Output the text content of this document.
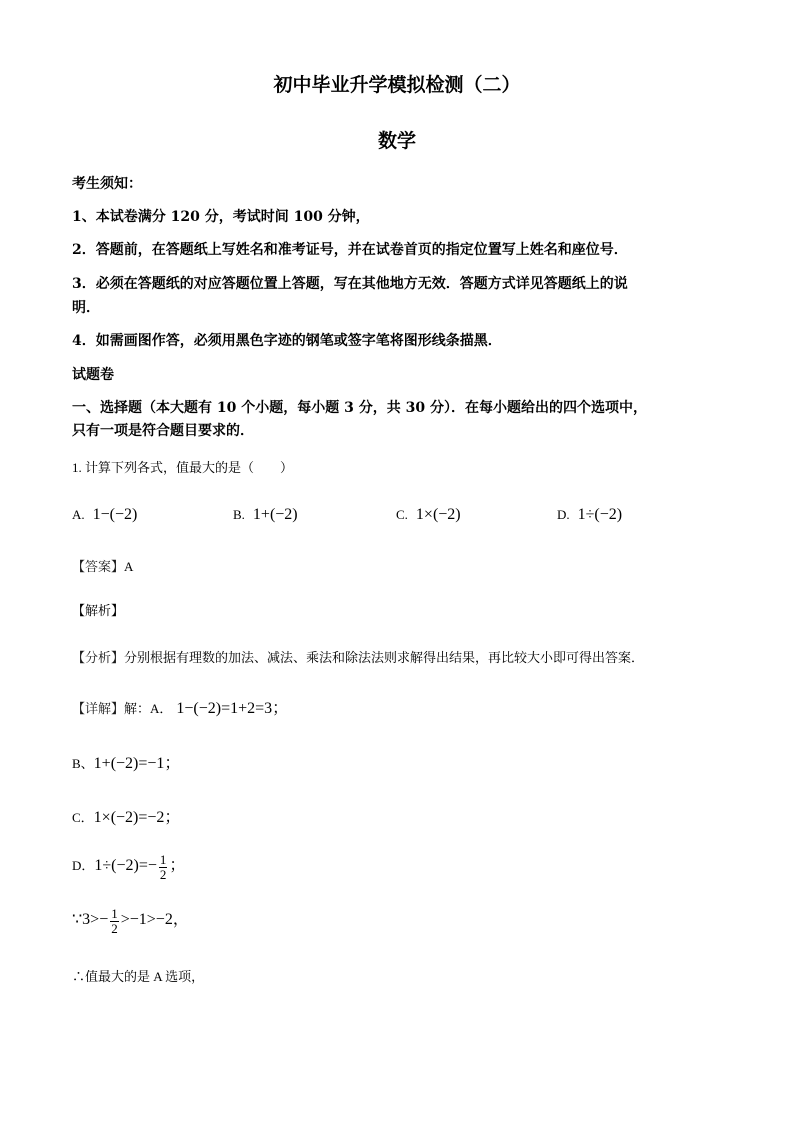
初中毕业升学模拟检测（二）
数学
考生须知：
1、本试卷满分 120 分，考试时间 100 分钟，
2．答题前，在答题纸上写姓名和准考证号，并在试卷首页的指定位置写上姓名和座位号．
3．必须在答题纸的对应答题位置上答题，写在其他地方无效．答题方式详见答题纸上的说
明．
4．如需画图作答，必须用黑色字迹的钢笔或签字笔将图形线条描黑．
试题卷
一、选择题（本大题有 10 个小题，每小题 3 分，共 30 分）．在每小题给出的四个选项中，
只有一项是符合题目要求的．
1. 计算下列各式，值最大的是（　　）
A. 1−(−2)	B. 1+(−2)	C. 1×(−2)	D. 1÷(−2)
【答案】A
【解析】
【分析】分别根据有理数的加法、减法、乘法和除法法则求解得出结果，再比较大小即可得出答案．
【详解】解：A． 1−(−2)=1+2=3；
B、1+(−2)=−1；
C．1×(−2)=−2；
D．$1\div(-2)=- \frac{1}{2}$ ；
∵3>− $\frac{1}{2} >-1>-2$，
∴值最大的是 A 选项，
